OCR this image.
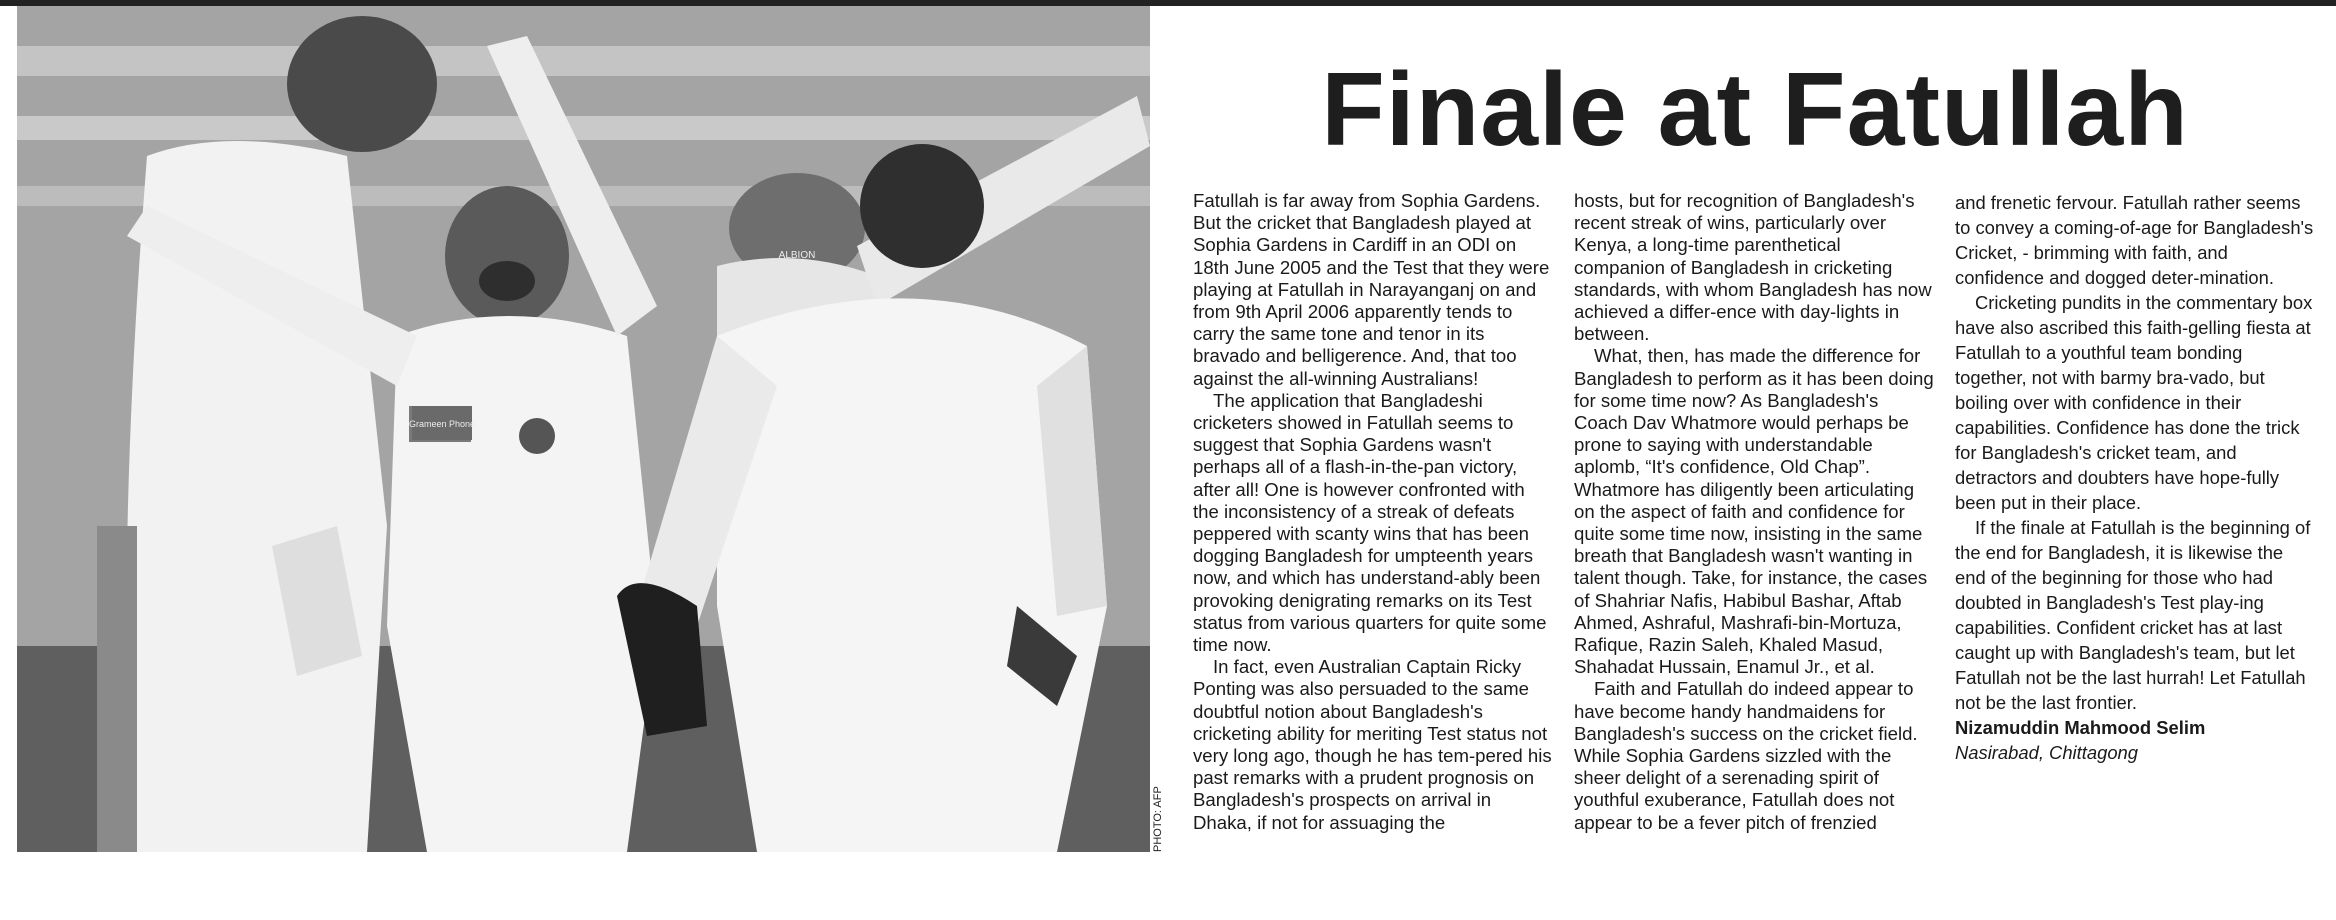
Grameen Phone
ALBION
PHOTO: AFP
Finale at Fatullah

Fatullah is far away from Sophia Gardens. But the cricket that Bangladesh played at Sophia Gardens in Cardiff in an ODI on 18th June 2005 and the Test that they were playing at Fatullah in Narayanganj on and from 9th April 2006 apparently tends to carry the same tone and tenor in its bravado and belligerence. And, that too against the all-winning Australians!

The application that Bangladeshi cricketers showed in Fatullah seems to suggest that Sophia Gardens wasn't perhaps all of a flash-in-the-pan victory, after all! One is however confronted with the inconsistency of a streak of defeats peppered with scanty wins that has been dogging Bangladesh for umpteenth years now, and which has understand-ably been provoking denigrating remarks on its Test status from various quarters for quite some time now.

In fact, even Australian Captain Ricky Ponting was also persuaded to the same doubtful notion about Bangladesh's cricketing ability for meriting Test status not very long ago, though he has tem-pered his past remarks with a prudent prognosis on Bangladesh's prospects on arrival in Dhaka, if not for assuaging the

hosts, but for recognition of Bangladesh's recent streak of wins, particularly over Kenya, a long-time parenthetical companion of Bangladesh in cricketing standards, with whom Bangladesh has now achieved a differ-ence with day-lights in between.

What, then, has made the difference for Bangladesh to perform as it has been doing for some time now? As Bangladesh's Coach Dav Whatmore would perhaps be prone to saying with understandable aplomb, “It's confidence, Old Chap”. Whatmore has diligently been articulating on the aspect of faith and confidence for quite some time now, insisting in the same breath that Bangladesh wasn't wanting in talent though. Take, for instance, the cases of Shahriar Nafis, Habibul Bashar, Aftab Ahmed, Ashraful, Mashrafi-bin-Mortuza, Rafique, Razin Saleh, Khaled Masud, Shahadat Hussain, Enamul Jr., et al.

Faith and Fatullah do indeed appear to have become handy handmaidens for Bangladesh's success on the cricket field. While Sophia Gardens sizzled with the sheer delight of a serenading spirit of youthful exuberance, Fatullah does not appear to be a fever pitch of frenzied

and frenetic fervour. Fatullah rather seems to convey a coming-of-age for Bangladesh's Cricket, - brimming with faith, and confidence and dogged deter-mination.

Cricketing pundits in the commentary box have also ascribed this faith-gelling fiesta at Fatullah to a youthful team bonding together, not with barmy bra-vado, but boiling over with confidence in their capabilities. Confidence has done the trick for Bangladesh's cricket team, and detractors and doubters have hope-fully been put in their place.

If the finale at Fatullah is the beginning of the end for Bangladesh, it is likewise the end of the beginning for those who had doubted in Bangladesh's Test play-ing capabilities. Confident cricket has at last caught up with Bangladesh's team, but let Fatullah not be the last hurrah! Let Fatullah not be the last frontier.

Nizamuddin Mahmood Selim

Nasirabad, Chittagong
